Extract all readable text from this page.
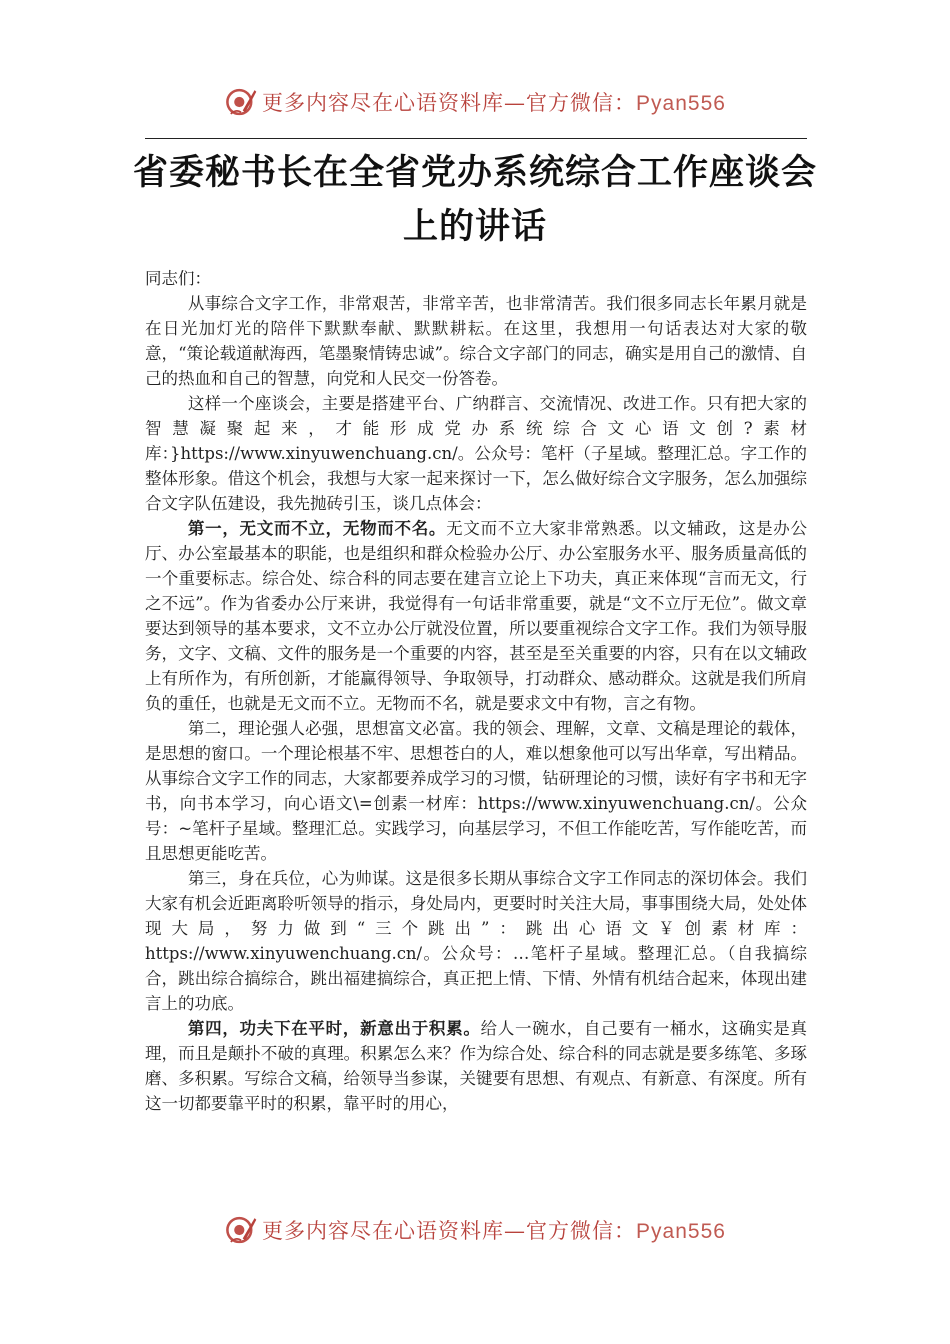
更多内容尽在心语资料库—官方微信：Pyan556
省委秘书长在全省党办系统综合工作座谈会上的讲话

同志们：

从事综合文字工作，非常艰苦，非常辛苦，也非常清苦。我们很多同志长年累月就是在日光加灯光的陪伴下默默奉献、默默耕耘。在这里，我想用一句话表达对大家的敬意，“策论载道献海西，笔墨聚情铸忠诚”。综合文字部门的同志，确实是用自己的激情、自己的热血和自己的智慧，向党和人民交一份答卷。

这样一个座谈会，主要是搭建平台、广纳群言、交流情况、改进工作。只有把大家的智慧凝聚起来，才能形成党办系统综合文心语文创?素材库：}https://www.xinyuwenchuang.cn/。公众号：笔杆（子星域。整理汇总。字工作的整体形象。借这个机会，我想与大家一起来探讨一下，怎么做好综合文字服务，怎么加强综合文字队伍建设，我先抛砖引玉，谈几点体会：

第一，无文而不立，无物而不名。无文而不立大家非常熟悉。以文辅政，这是办公厅、办公室最基本的职能，也是组织和群众检验办公厅、办公室服务水平、服务质量高低的一个重要标志。综合处、综合科的同志要在建言立论上下功夫，真正来体现“言而无文，行之不远”。作为省委办公厅来讲，我觉得有一句话非常重要，就是“文不立厅无位”。做文章要达到领导的基本要求，文不立办公厅就没位置，所以要重视综合文字工作。我们为领导服务，文字、文稿、文件的服务是一个重要的内容，甚至是至关重要的内容，只有在以文辅政上有所作为，有所创新，才能赢得领导、争取领导，打动群众、感动群众。这就是我们所肩负的重任，也就是无文而不立。无物而不名，就是要求文中有物，言之有物。

第二，理论强人必强，思想富文必富。我的领会、理解，文章、文稿是理论的载体，是思想的窗口。一个理论根基不牢、思想苍白的人，难以想象他可以写出华章，写出精品。从事综合文字工作的同志，大家都要养成学习的习惯，钻研理论的习惯，读好有字书和无字书，向书本学习，向心语文\=创素一材库：https://www.xinyuwenchuang.cn/。公众号：~笔杆子星域。整理汇总。实践学习，向基层学习，不但工作能吃苦，写作能吃苦，而且思想更能吃苦。

第三，身在兵位，心为帅谋。这是很多长期从事综合文字工作同志的深切体会。我们大家有机会近距离聆听领导的指示，身处局内，更要时时关注大局，事事围绕大局，处处体现大局，努力做到“三个跳出”：跳出心语文￥创素材库：https://www.xinyuwenchuang.cn/。公众号：…笔杆子星域。整理汇总。（自我搞综合，跳出综合搞综合，跳出福建搞综合，真正把上情、下情、外情有机结合起来，体现出建言上的功底。

第四，功夫下在平时，新意出于积累。给人一碗水，自己要有一桶水，这确实是真理，而且是颠扑不破的真理。积累怎么来？作为综合处、综合科的同志就是要多练笔、多琢磨、多积累。写综合文稿，给领导当参谋，关键要有思想、有观点、有新意、有深度。所有这一切都要靠平时的积累，靠平时的用心，

更多内容尽在心语资料库—官方微信：Pyan556
